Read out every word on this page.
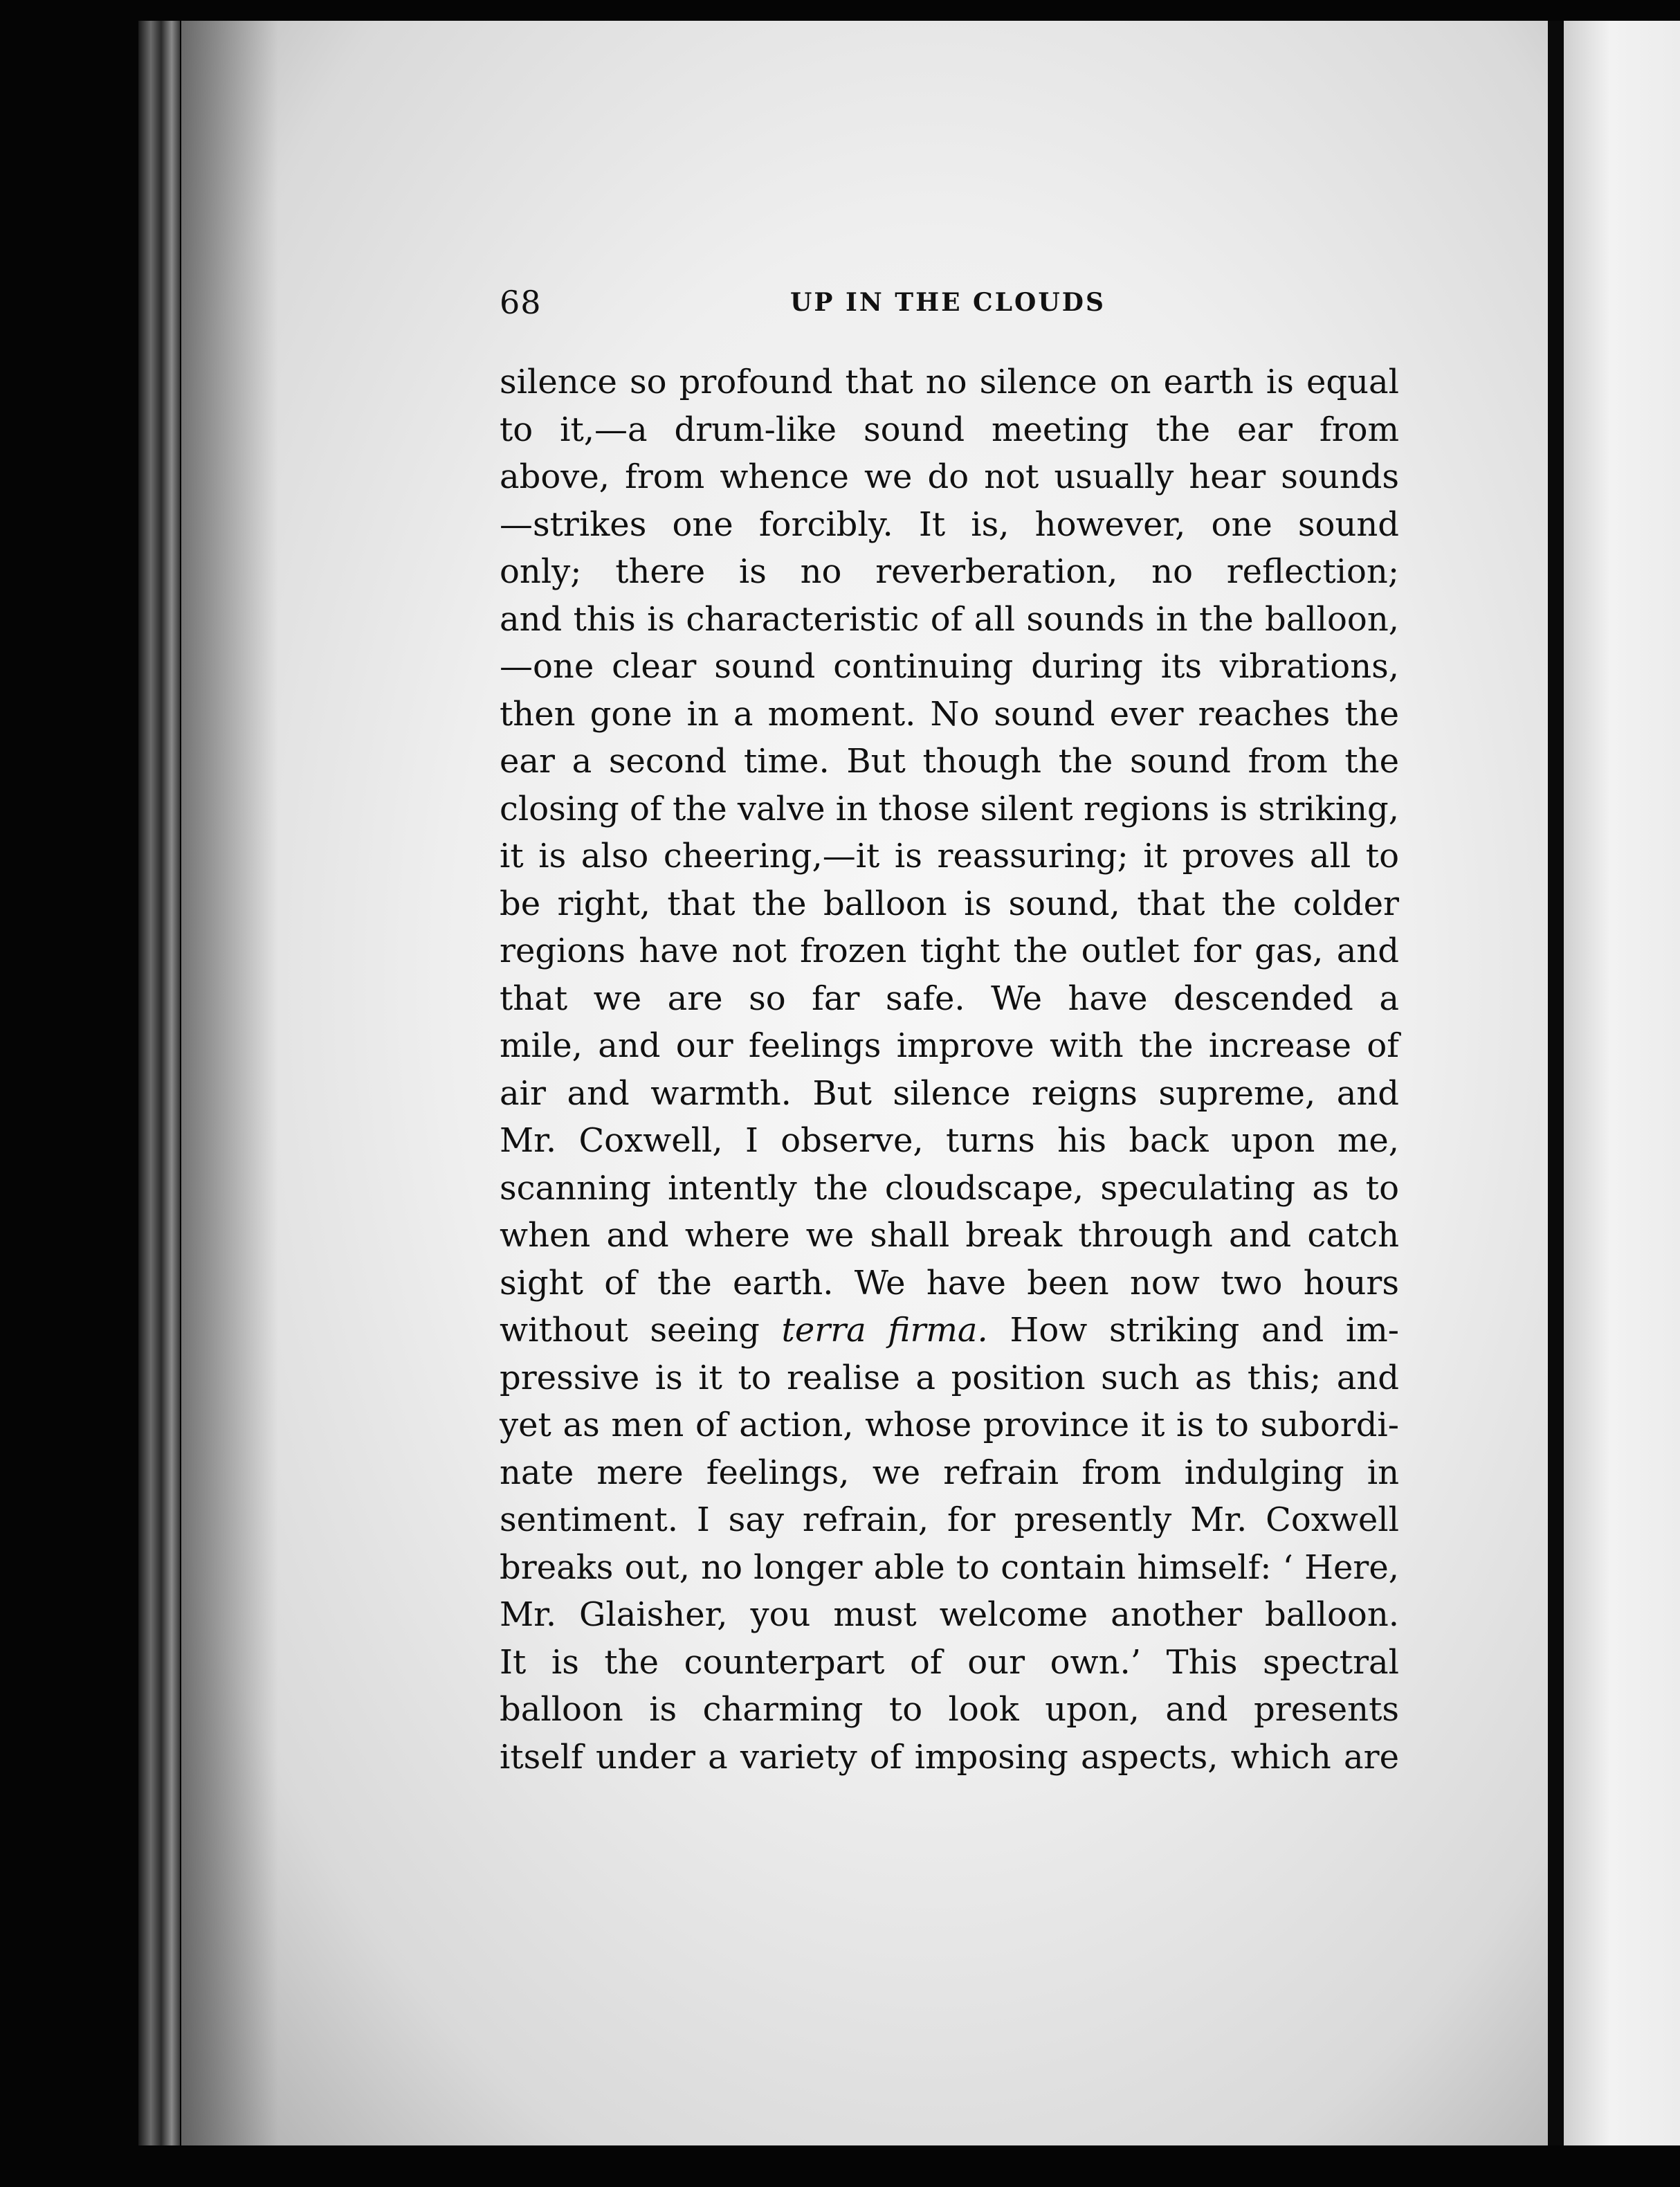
68	UP IN THE CLOUDS
silence so profound that no silence on earth is equal
to it,—a drum-like sound meeting the ear from
above, from whence we do not usually hear sounds
—strikes one forcibly. It is, however, one sound
only; there is no reverberation, no reflection;
and this is characteristic of all sounds in the balloon,
—one clear sound continuing during its vibrations,
then gone in a moment. No sound ever reaches the
ear a second time. But though the sound from the
closing of the valve in those silent regions is striking,
it is also cheering,—it is reassuring; it proves all to
be right, that the balloon is sound, that the colder
regions have not frozen tight the outlet for gas, and
that we are so far safe. We have descended a
mile, and our feelings improve with the increase of
air and warmth. But silence reigns supreme, and
Mr. Coxwell, I observe, turns his back upon me,
scanning intently the cloudscape, speculating as to
when and where we shall break through and catch
sight of the earth. We have been now two hours
without seeing terra firma. How striking and im-
pressive is it to realise a position such as this; and
yet as men of action, whose province it is to subordi-
nate mere feelings, we refrain from indulging in
sentiment. I say refrain, for presently Mr. Coxwell
breaks out, no longer able to contain himself: ‘ Here,
Mr. Glaisher, you must welcome another balloon.
It is the counterpart of our own.’ This spectral
balloon is charming to look upon, and presents
itself under a variety of imposing aspects, which are
